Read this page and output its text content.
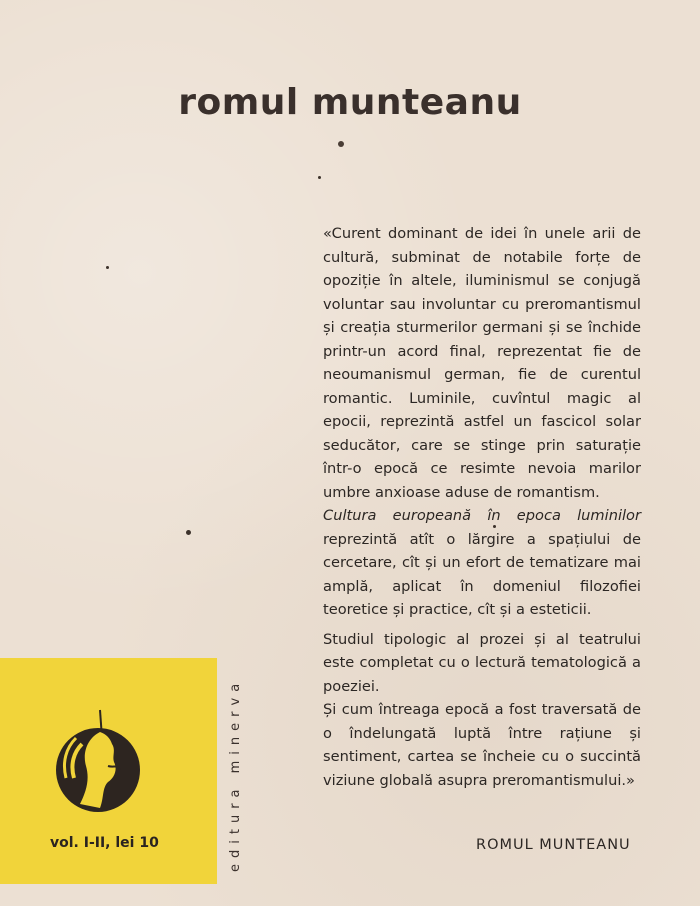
romul munteanu

«Curent dominant de idei în unele arii de cultură, subminat de notabile forțe de opoziție în altele, iluminismul se conjugă voluntar sau involuntar cu preromantismul și creația sturmerilor germani și se închide printr-un acord final, reprezentat fie de neoumanismul german, fie de curentul romantic. Luminile, cuvîntul magic al epocii, reprezintă astfel un fascicol solar seducător, care se stinge prin saturație într-o epocă ce resimte nevoia marilor umbre anxioase aduse de romantism.

Cultura europeană în epoca luminilor reprezintă atît o lărgire a spațiului de cercetare, cît și un efort de tematizare mai amplă, aplicat în domeniul filozofiei teoretice și practice, cît și a esteticii.

Studiul tipologic al prozei și al teatrului este completat cu o lectură tematologică a poeziei.

Și cum întreaga epocă a fost traversată de o îndelungată luptă între rațiune și sentiment, cartea se încheie cu o succintă viziune globală asupra preromantismului.»

ROMUL MUNTEANU
vol. I-II, lei 10	editura minerva
